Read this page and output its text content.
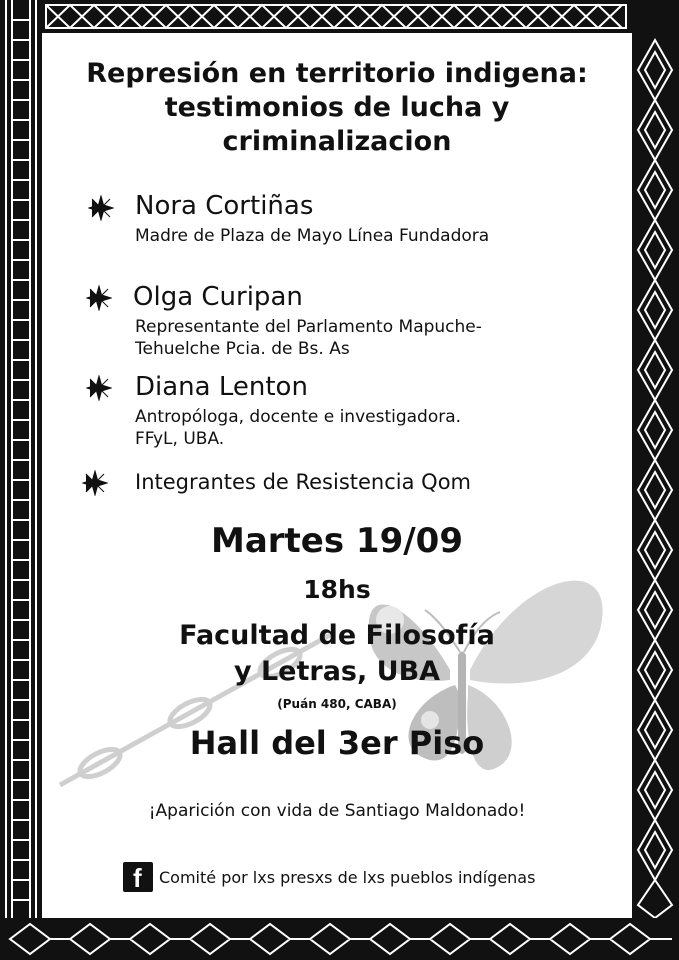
Represión en territorio indigena:
testimonios de lucha y
criminalizacion
Nora Cortiñas
Madre de Plaza de Mayo Línea Fundadora
Olga Curipan
Representante del Parlamento Mapuche-
Tehuelche Pcia. de Bs. As
Diana Lenton
Antropóloga, docente e investigadora.
FFyL, UBA.
Integrantes de Resistencia Qom
Martes 19/09
18hs
Facultad de Filosofía
y Letras, UBA
(Puán 480, CABA)
Hall del 3er Piso
¡Aparición con vida de Santiago Maldonado!
f Comité por lxs presxs de lxs pueblos indígenas
